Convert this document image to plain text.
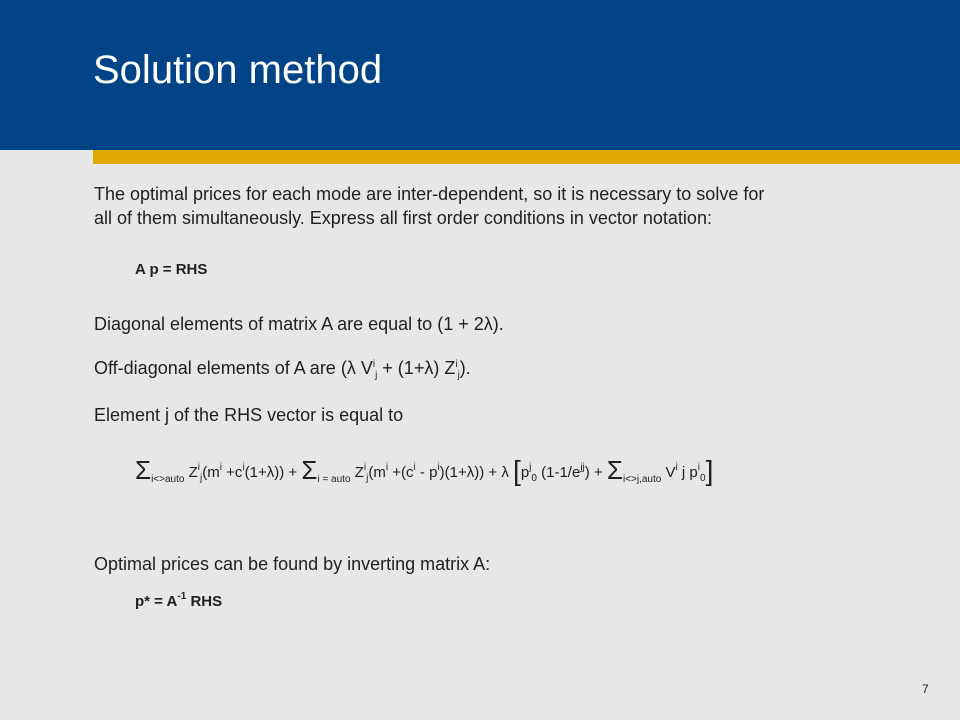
Solution method
The optimal prices for each mode are inter-dependent, so it is necessary to solve for
all of them simultaneously. Express all first order conditions in vector notation:
A p = RHS
Diagonal elements of matrix A are equal to (1 + 2λ).
Off-diagonal elements of A are (λ $V^i_j + (1+\lambda)$ $Z^i_j$).
Element j of the RHS vector is equal to
$\Sigma_{i<>auto}$ $Z^i_j(m^i +c^i(1+\lambda)) + \Sigma_{i = auto}$ $Z^i_j(m^i +(c^i - p^i)(1+\lambda)) + \lambda$ [$p^j_0$ $(1-1/e^{jj}) + \Sigma_{i<>j,auto}$ $V^i$ j $p^i_0$]
Optimal prices can be found by inverting matrix A:
$p* = A^{-1}$ RHS
7
